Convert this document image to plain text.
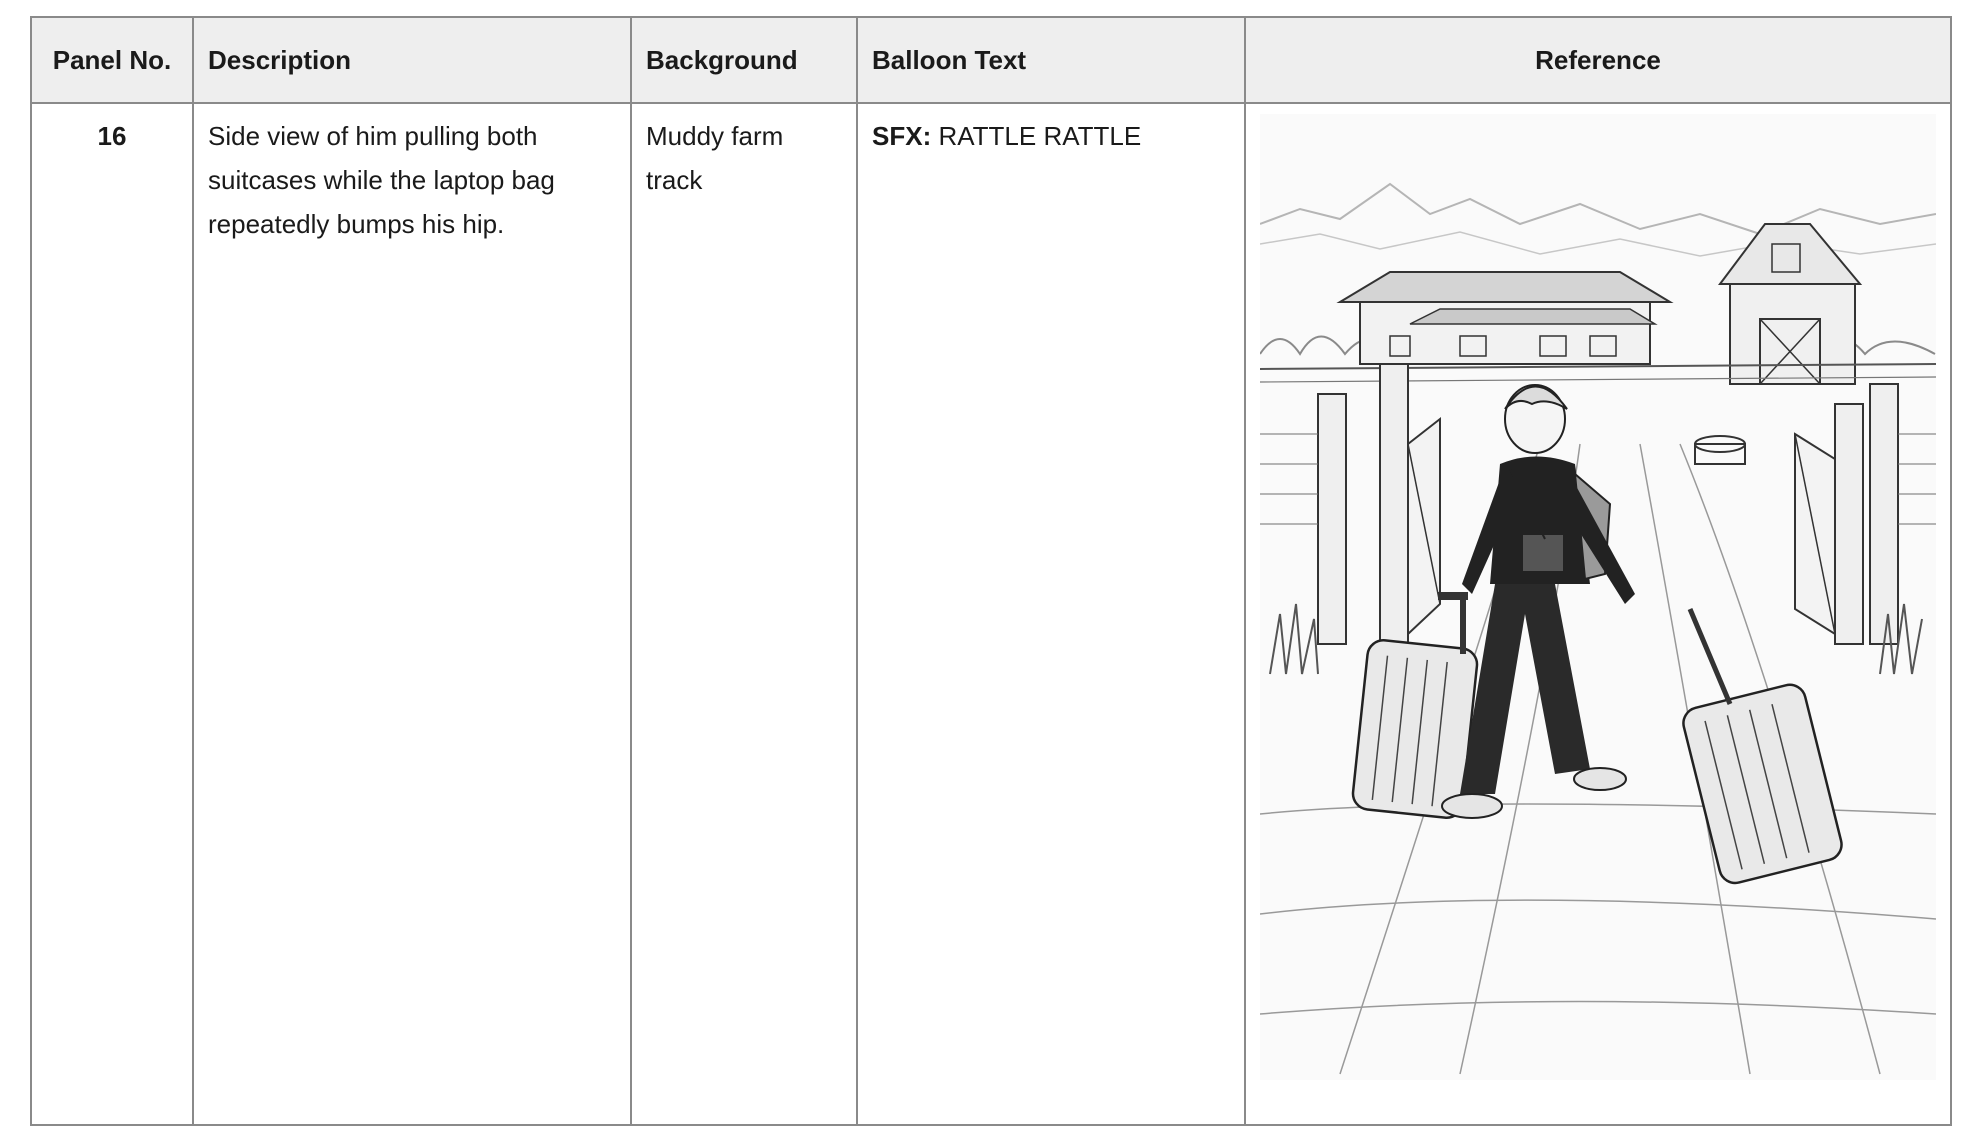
Panel No.	Description	Background	Balloon Text	Reference
16	Side view of him pulling both suitcases while the laptop bag repeatedly bumps his hip.	Muddy farm track	SFX: RATTLE RATTLE	
